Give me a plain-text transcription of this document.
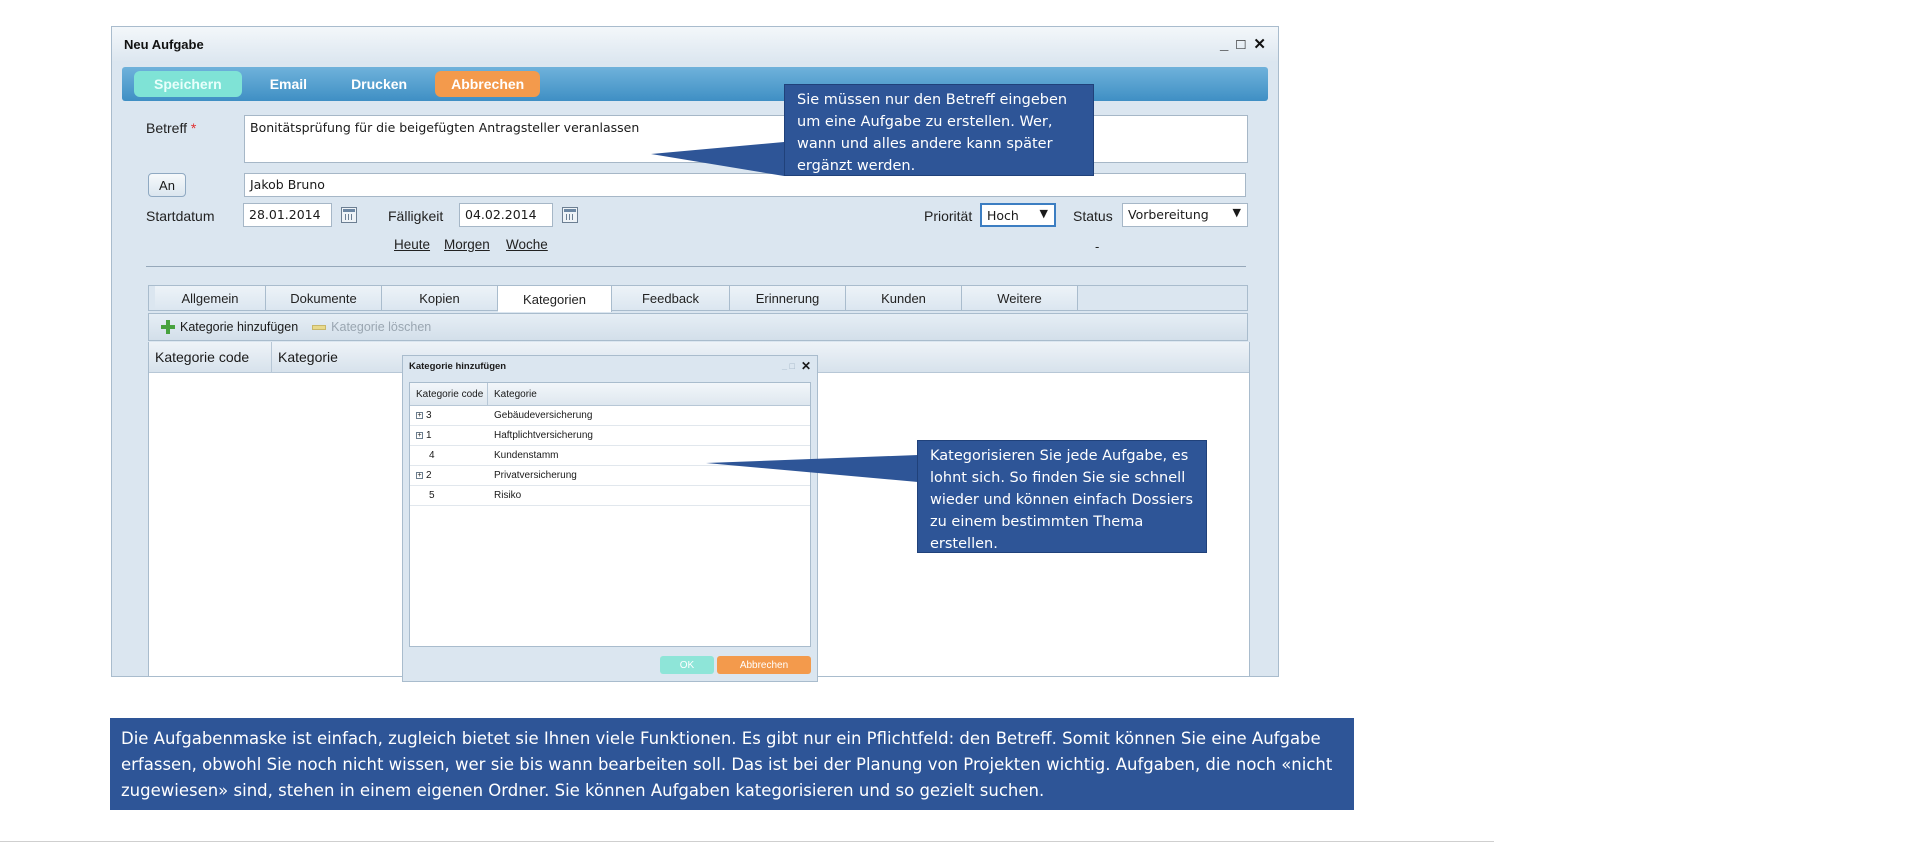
Neu Aufgabe	_ □ ✕
Speichern	Email	Drucken	Abbrechen
Betreff *	Bonitätsprüfung für die beigefügten Antragsteller veranlassen
An	Jakob Bruno
Startdatum	28.01.2014	Fälligkeit	04.02.2014
Heute Morgen Woche
Priorität	Hoch ▼ Status	Vorbereitung ▼
-
Allgemein	Dokumente	Kopien	Kategorien	Feedback	Erinnerung	Kunden	Weitere
Kategorie hinzufügen	Kategorie löschen
Kategorie code	Kategorie
Kategorie hinzufügen	_ □ ✕
Kategorie code	Kategorie
+ 3	Gebäudeversicherung
+ 1	Haftplichtversicherung
4	Kundenstamm
+ 2	Privatversicherung
5	Risiko
OK	Abbrechen
Sie müssen nur den Betreff eingeben um eine Aufgabe zu erstellen. Wer, wann und alles andere kann später ergänzt werden.
Kategorisieren Sie jede Aufgabe, es lohnt sich. So finden Sie sie schnell wieder und können einfach Dossiers zu einem bestimmten Thema erstellen.
Die Aufgabenmaske ist einfach, zugleich bietet sie Ihnen viele Funktionen. Es gibt nur ein Pflichtfeld: den Betreff. Somit können Sie eine Aufgabe erfassen, obwohl Sie noch nicht wissen, wer sie bis wann bearbeiten soll. Das ist bei der Planung von Projekten wichtig. Aufgaben, die noch «nicht zugewiesen» sind, stehen in einem eigenen Ordner. Sie können Aufgaben kategorisieren und so gezielt suchen.
